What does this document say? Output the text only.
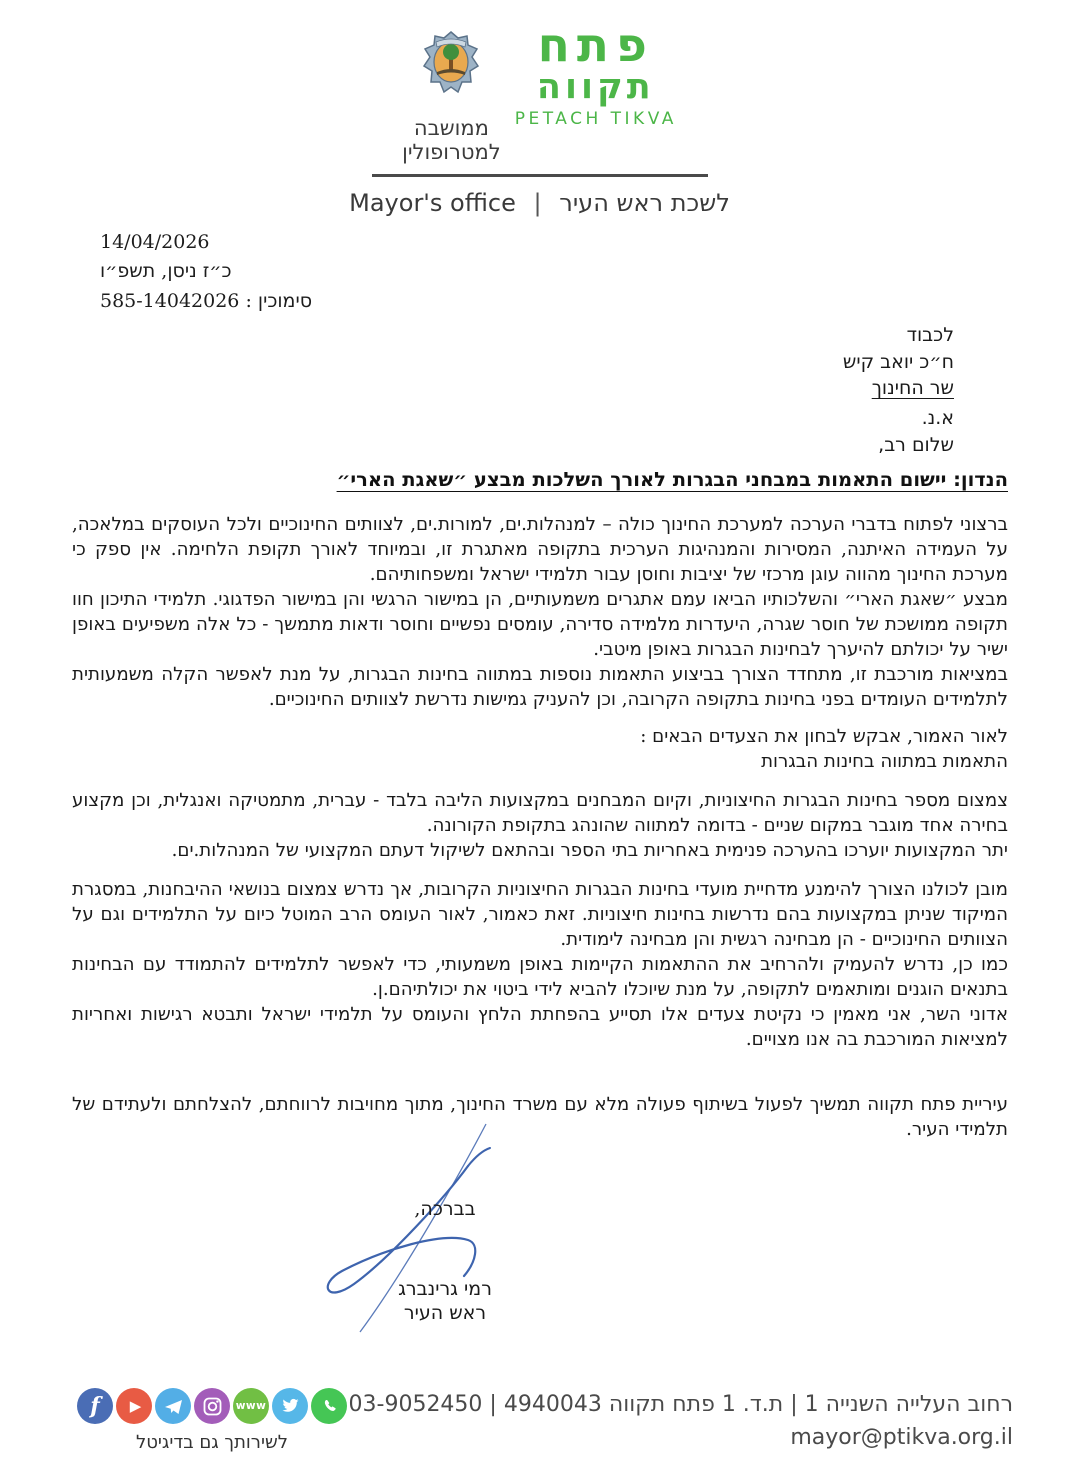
ממושבה
למטרופולין
פתח
תקווה
PETACH TIKVA
Mayor's office | לשכת ראש העיר
14/04/2026
כ״ז ניסן, תשפ״ו
סימוכין : 585-14042026
לכבוד
ח״כ יואב קיש
שר החינוך
א.נ.
שלום רב,
הנדון: יישום התאמות במבחני הבגרות לאורך השלכות מבצע ״שאגת הארי״

ברצוני לפתוח בדברי הערכה למערכת החינוך כולה – למנהלות.ים, למורות.ים, לצוותים החינוכיים ולכל העוסקים במלאכה, על העמידה האיתנה, המסירות והמנהיגות הערכית בתקופה מאתגרת זו, ובמיוחד לאורך תקופת הלחימה. אין ספק כי מערכת החינוך מהווה עוגן מרכזי של יציבות וחוסן עבור תלמידי ישראל ומשפחותיהם.

מבצע ״שאגת הארי״ והשלכותיו הביאו עמם אתגרים משמעותיים, הן במישור הרגשי והן במישור הפדגוגי. תלמידי התיכון חוו תקופה ממושכת של חוסר שגרה, היעדרות מלמידה סדירה, עומסים נפשיים וחוסר ודאות מתמשך - כל אלה משפיעים באופן ישיר על יכולתם להיערך לבחינות הבגרות באופן מיטבי.

במציאות מורכבת זו, מתחדד הצורך בביצוע התאמות נוספות במתווה בחינות הבגרות, על מנת לאפשר הקלה משמעותית לתלמידים העומדים בפני בחינות בתקופה הקרובה, וכן להעניק גמישות נדרשת לצוותים החינוכיים.

לאור האמור, אבקש לבחון את הצעדים הבאים :

התאמות במתווה בחינות הבגרות

צמצום מספר בחינות הבגרות החיצוניות, וקיום המבחנים במקצועות הליבה בלבד - עברית, מתמטיקה ואנגלית, וכן מקצוע בחירה אחד מוגבר במקום שניים - בדומה למתווה שהונהג בתקופת הקורונה.

יתר המקצועות יוערכו בהערכה פנימית באחריות בתי הספר ובהתאם לשיקול דעתם המקצועי של המנהלות.ים.

מובן לכולנו הצורך להימנע מדחיית מועדי בחינות הבגרות החיצוניות הקרובות, אך נדרש צמצום בנושאי ההיבחנות, במסגרת המיקוד שניתן במקצועות בהם נדרשות בחינות חיצוניות. זאת כאמור, לאור העומס הרב המוטל כיום על התלמידים וגם על הצוותים החינוכיים - הן מבחינה רגשית והן מבחינה לימודית.

כמו כן, נדרש להעמיק ולהרחיב את ההתאמות הקיימות באופן משמעותי, כדי לאפשר לתלמידים להתמודד עם הבחינות בתנאים הוגנים ומותאמים לתקופה, על מנת שיוכלו להביא לידי ביטוי את יכולתיהם.ן.

אדוני השר, אני מאמין כי נקיטת צעדים אלו תסייע בהפחתת הלחץ והעומס על תלמידי ישראל ותבטא רגישות ואחריות למציאות המורכבת בה אנו מצויים.

עיריית פתח תקווה תמשיך לפעול בשיתוף פעולה מלא עם משרד החינוך, מתוך מחויבות לרווחתם, להצלחתם ולעתידם של תלמידי העיר.

בברכה,
רמי גרינברג
ראש העיר
רחוב העלייה השנייה 1 | ת.ד. 1 פתח תקווה 4940043 | 03-9052450
mayor@ptikva.org.il
f	▶	www
לשירותך גם בדיגיטל
